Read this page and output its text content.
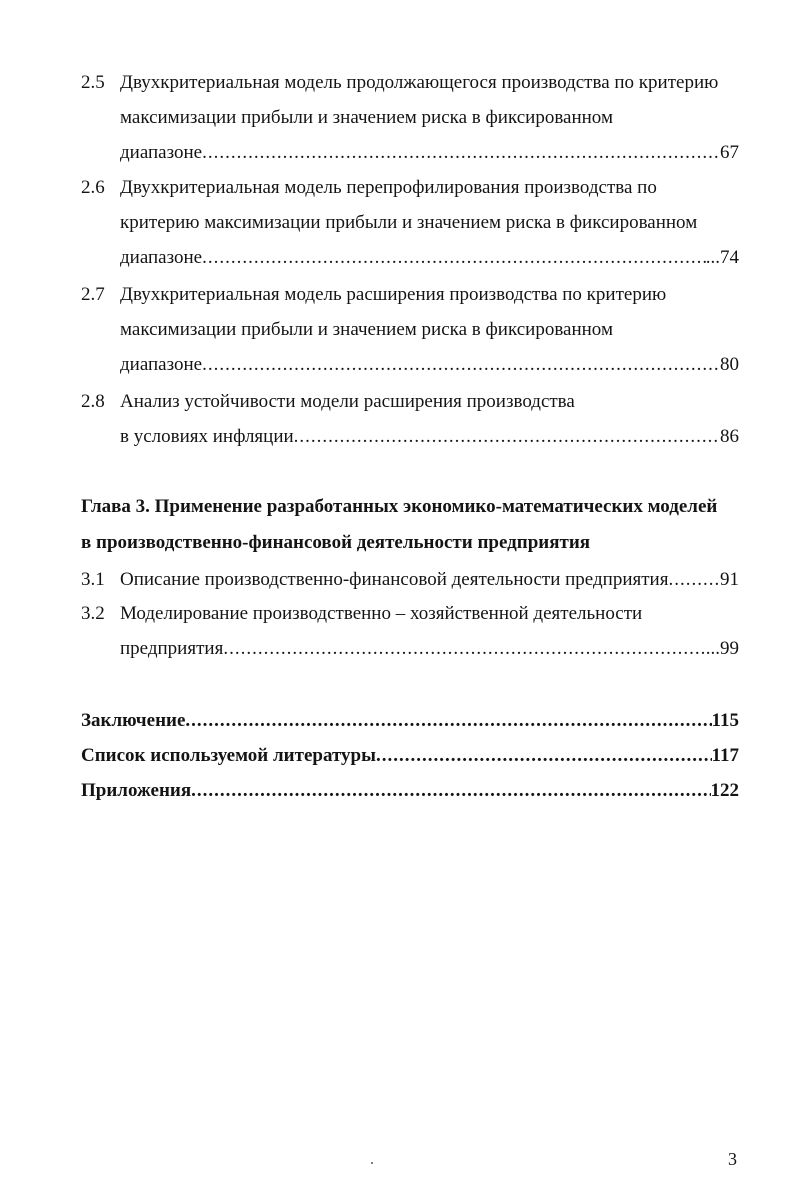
2.5 Двухкритериальная модель продолжающегося производства по критерию
максимизации прибыли и значением риска в фиксированном
диапазоне .....	67
2.6 Двухкритериальная модель перепрофилирования производства по
критерию максимизации прибыли и значением риска в фиксированном
диапазоне .....	...74
2.7 Двухкритериальная модель расширения производства по критерию
максимизации прибыли и значением риска в фиксированном
диапазоне .....	80
2.8 Анализ устойчивости модели расширения производства
в условиях инфляции .....	86
Глава 3. Применение разработанных экономико-математических моделей
в производственно-финансовой деятельности предприятия
3.1 Описание производственно-финансовой деятельности предприятия .....	91
3.2 Моделирование производственно – хозяйственной деятельности
предприятия .....	...99
Заключение .....	115
Список используемой литературы .....	117
Приложения .....	122
3
